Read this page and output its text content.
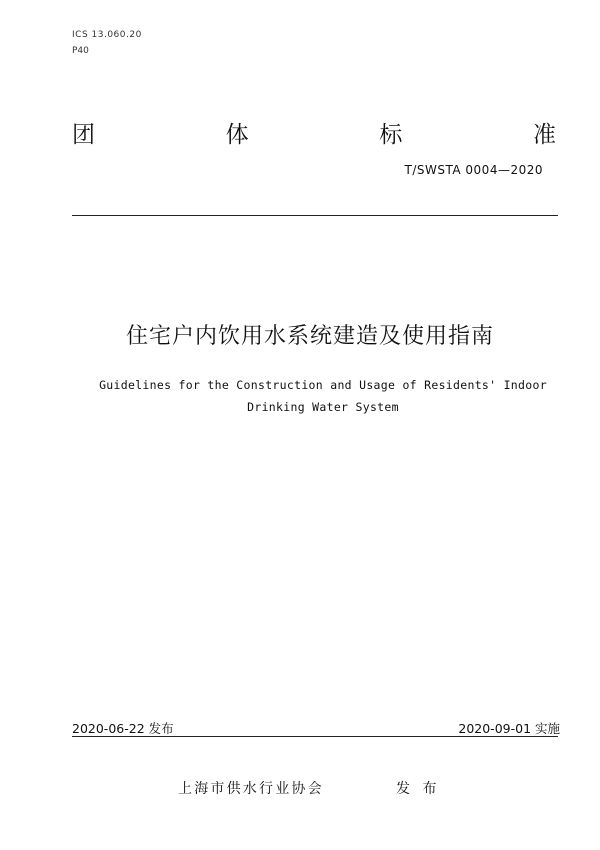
ICS 13.060.20
P40
团	体	标	准
T/SWSTA 0004—2020
住宅户内饮用水系统建造及使用指南
Guidelines for the Construction and Usage of Residents' Indoor
Drinking Water System
2020-06-22 发布	2020-09-01 实施
上海市供水行业协会	发 布
